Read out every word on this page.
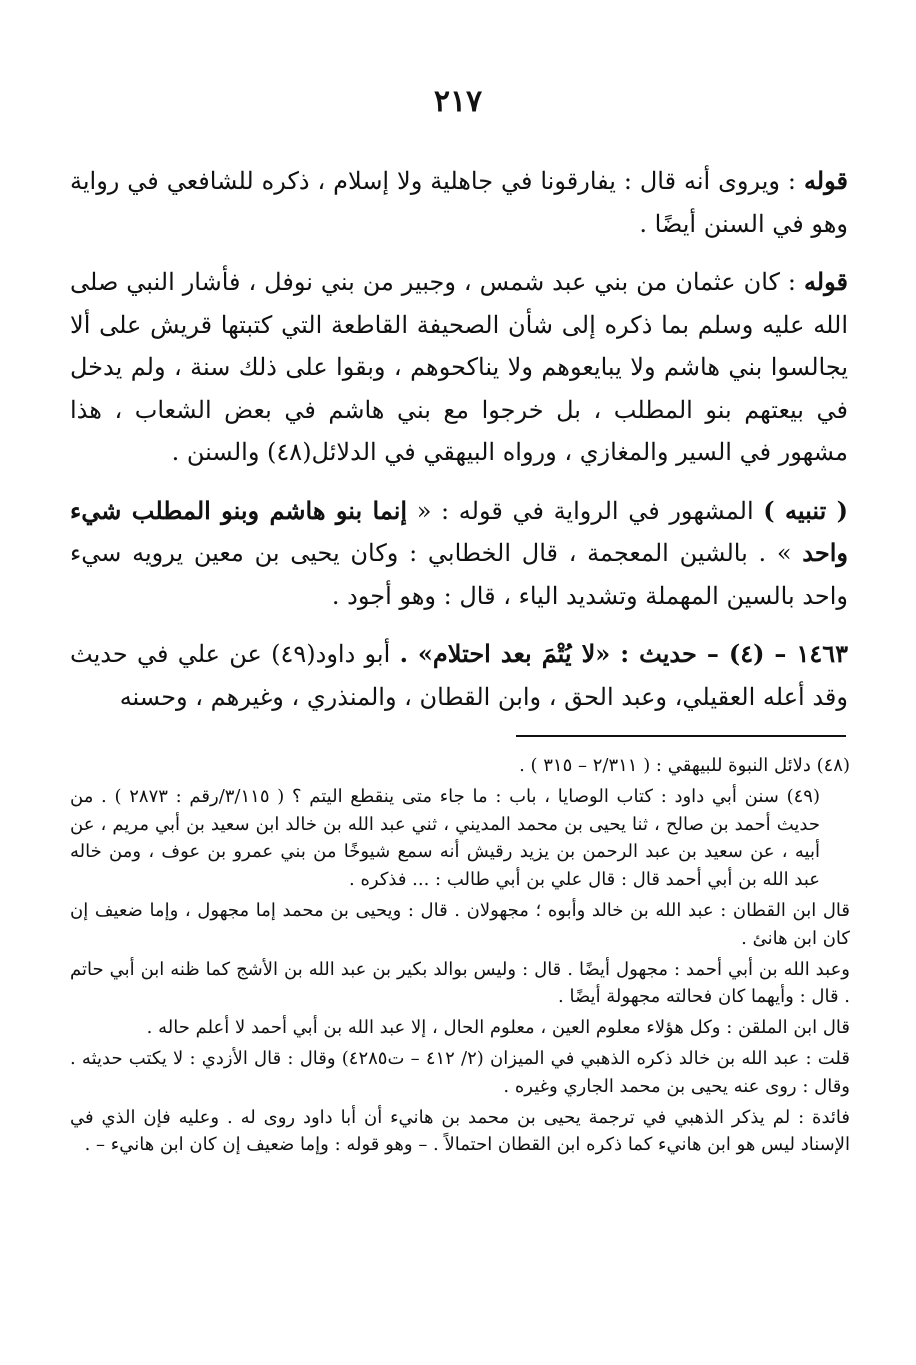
٢١٧

قوله : ويروى أنه قال : يفارقونا في جاهلية ولا إسلام ، ذكره للشافعي في رواية وهو في السنن أيضًا .

قوله : كان عثمان من بني عبد شمس ، وجبير من بني نوفل ، فأشار النبي صلى الله عليه وسلم بما ذكره إلى شأن الصحيفة القاطعة التي كتبتها قريش على ألا يجالسوا بني هاشم ولا يبايعوهم ولا يناكحوهم ، وبقوا على ذلك سنة ، ولم يدخل في بيعتهم بنو المطلب ، بل خرجوا مع بني هاشم في بعض الشعاب ، هذا مشهور في السير والمغازي ، ورواه البيهقي في الدلائل(٤٨) والسنن .

( تنبيه ) المشهور في الرواية في قوله : « إنما بنو هاشم وبنو المطلب شيء واحد » . بالشين المعجمة ، قال الخطابي : وكان يحيى بن معين يرويه سيء واحد بالسين المهملة وتشديد الياء ، قال : وهو أجود .

١٤٦٣ – (٤) – حديث : «لا يُتْمَ بعد احتلام» . أبو داود(٤٩) عن علي في حديث وقد أعله العقيلي، وعبد الحق ، وابن القطان ، والمنذري ، وغيرهم ، وحسنه

(٤٨) دلائل النبوة للبيهقي : ( ٢/٣١١ – ٣١٥ ) .

(٤٩) سنن أبي داود : كتاب الوصايا ، باب : ما جاء متى ينقطع اليتم ؟ ( ٣/١١٥/رقم : ٢٨٧٣ ) . من حديث أحمد بن صالح ، ثنا يحيى بن محمد المديني ، ثني عبد الله بن خالد ابن سعيد بن أبي مريم ، عن أبيه ، عن سعيد بن عبد الرحمن بن يزيد رقيش أنه سمع شيوخًا من بني عمرو بن عوف ، ومن خاله عبد الله بن أبي أحمد قال : قال علي بن أبي طالب : ... فذكره .

قال ابن القطان : عبد الله بن خالد وأبوه ؛ مجهولان . قال : ويحيى بن محمد إما مجهول ، وإما ضعيف إن كان ابن هانئ .

وعبد الله بن أبي أحمد : مجهول أيضًا . قال : وليس بوالد بكير بن عبد الله بن الأشج كما ظنه ابن أبي حاتم . قال : وأيهما كان فحالته مجهولة أيضًا .

قال ابن الملقن : وكل هؤلاء معلوم العين ، معلوم الحال ، إلا عبد الله بن أبي أحمد لا أعلم حاله .

قلت : عبد الله بن خالد ذكره الذهبي في الميزان (٢/ ٤١٢ – ت٤٢٨٥) وقال : قال الأزدي : لا يكتب حديثه . وقال : روى عنه يحيى بن محمد الجاري وغيره .

فائدة : لم يذكر الذهبي في ترجمة يحيى بن محمد بن هانيء أن أبا داود روى له . وعليه فإن الذي في الإسناد ليس هو ابن هانيء كما ذكره ابن القطان احتمالاً . – وهو قوله : وإما ضعيف إن كان ابن هانيء – .
